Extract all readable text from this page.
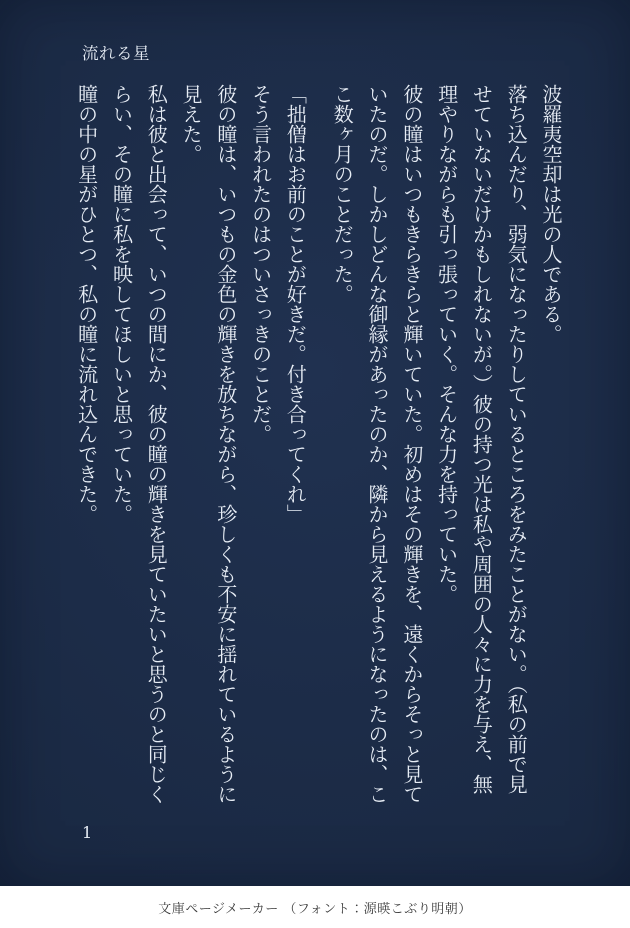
流れる星
波羅夷空却は光の人である。
落ち込んだり、弱気になったりしているところをみたことがない。（私の前で見
せていないだけかもしれないが。）彼の持つ光は私や周囲の人々に力を与え、無
理やりながらも引っ張っていく。そんな力を持っていた。
彼の瞳はいつもきらきらと輝いていた。初めはその輝きを、遠くからそっと見て
いたのだ。しかしどんな御縁があったのか、隣から見えるようになったのは、こ
こ数ヶ月のことだった。
「拙僧はお前のことが好きだ。付き合ってくれ」
そう言われたのはついさっきのことだ。
彼の瞳は、いつもの金色の輝きを放ちながら、珍しくも不安に揺れているように
見えた。
私は彼と出会って、いつの間にか、彼の瞳の輝きを見ていたいと思うのと同じく
らい、その瞳に私を映してほしいと思っていた。
瞳の中の星がひとつ、私の瞳に流れ込んできた。
1
文庫ページメーカー （フォント：源暎こぶり明朝）
